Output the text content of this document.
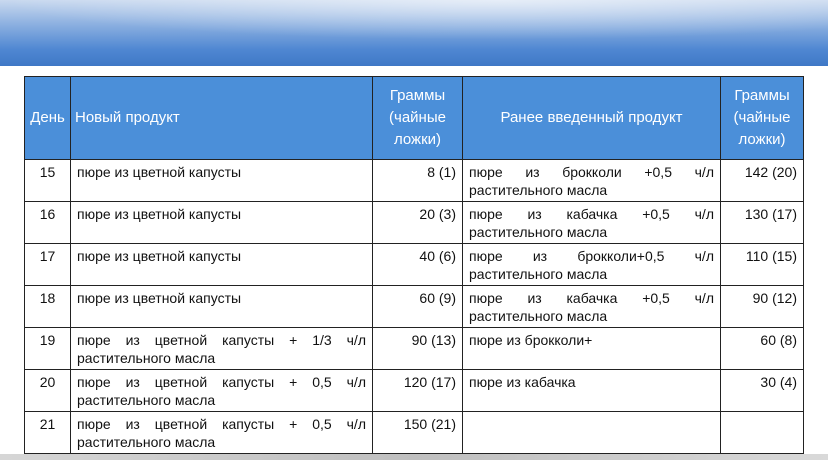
День	Новый продукт	Граммы (чайные ложки)	Ранее введенный продукт	Граммы (чайные ложки)
15	пюре из цветной капусты	8 (1)	пюре из брокколи +0,5 ч/л растительного масла	142 (20)
16	пюре из цветной капусты	20 (3)	пюре из кабачка +0,5 ч/л растительного масла	130 (17)
17	пюре из цветной капусты	40 (6)	пюре из брокколи+0,5 ч/л растительного масла	110 (15)
18	пюре из цветной капусты	60 (9)	пюре из кабачка +0,5 ч/л растительного масла	90 (12)
19	пюре из цветной капусты + 1/3 ч/л растительного масла	90 (13)	пюре из брокколи+	60 (8)
20	пюре из цветной капусты + 0,5 ч/л растительного масла	120 (17)	пюре из кабачка	30 (4)
21	пюре из цветной капусты + 0,5 ч/л растительного масла	150 (21)		
